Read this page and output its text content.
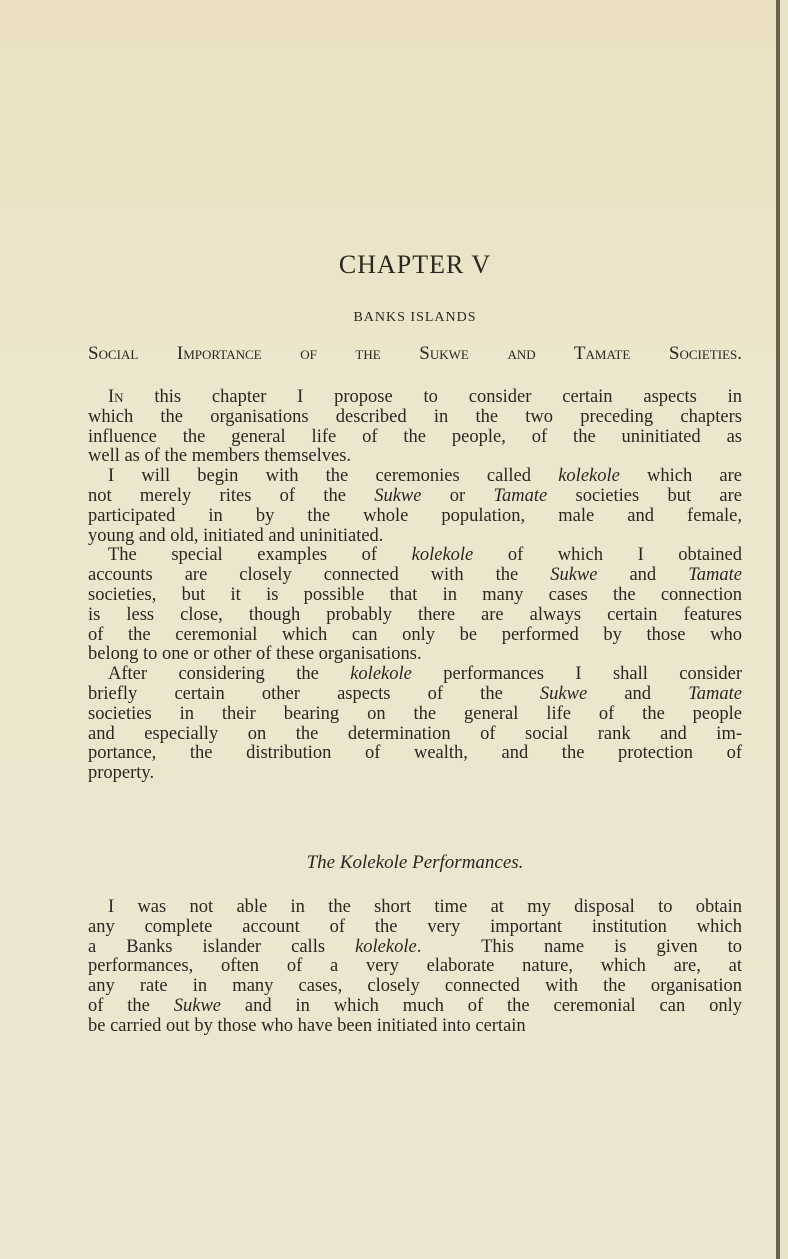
CHAPTER V
BANKS ISLANDS
Social Importance of the Sukwe and Tamate Societies.
In this chapter I propose to consider certain aspects in
which the organisations described in the two preceding chapters
influence the general life of the people, of the uninitiated as
well as of the members themselves.
I will begin with the ceremonies called kolekole which are
not merely rites of the Sukwe or Tamate societies but are
participated in by the whole population, male and female,
young and old, initiated and uninitiated.
The special examples of kolekole of which I obtained
accounts are closely connected with the Sukwe and Tamate
societies, but it is possible that in many cases the connection
is less close, though probably there are always certain features
of the ceremonial which can only be performed by those who
belong to one or other of these organisations.
After considering the kolekole performances I shall consider
briefly certain other aspects of the Sukwe and Tamate
societies in their bearing on the general life of the people
and especially on the determination of social rank and im-
portance, the distribution of wealth, and the protection of
property.
The Kolekole Performances.
I was not able in the short time at my disposal to obtain
any complete account of the very important institution which
a Banks islander calls kolekole.  This name is given to
performances, often of a very elaborate nature, which are, at
any rate in many cases, closely connected with the organisation
of the Sukwe and in which much of the ceremonial can only
be carried out by those who have been initiated into certain
